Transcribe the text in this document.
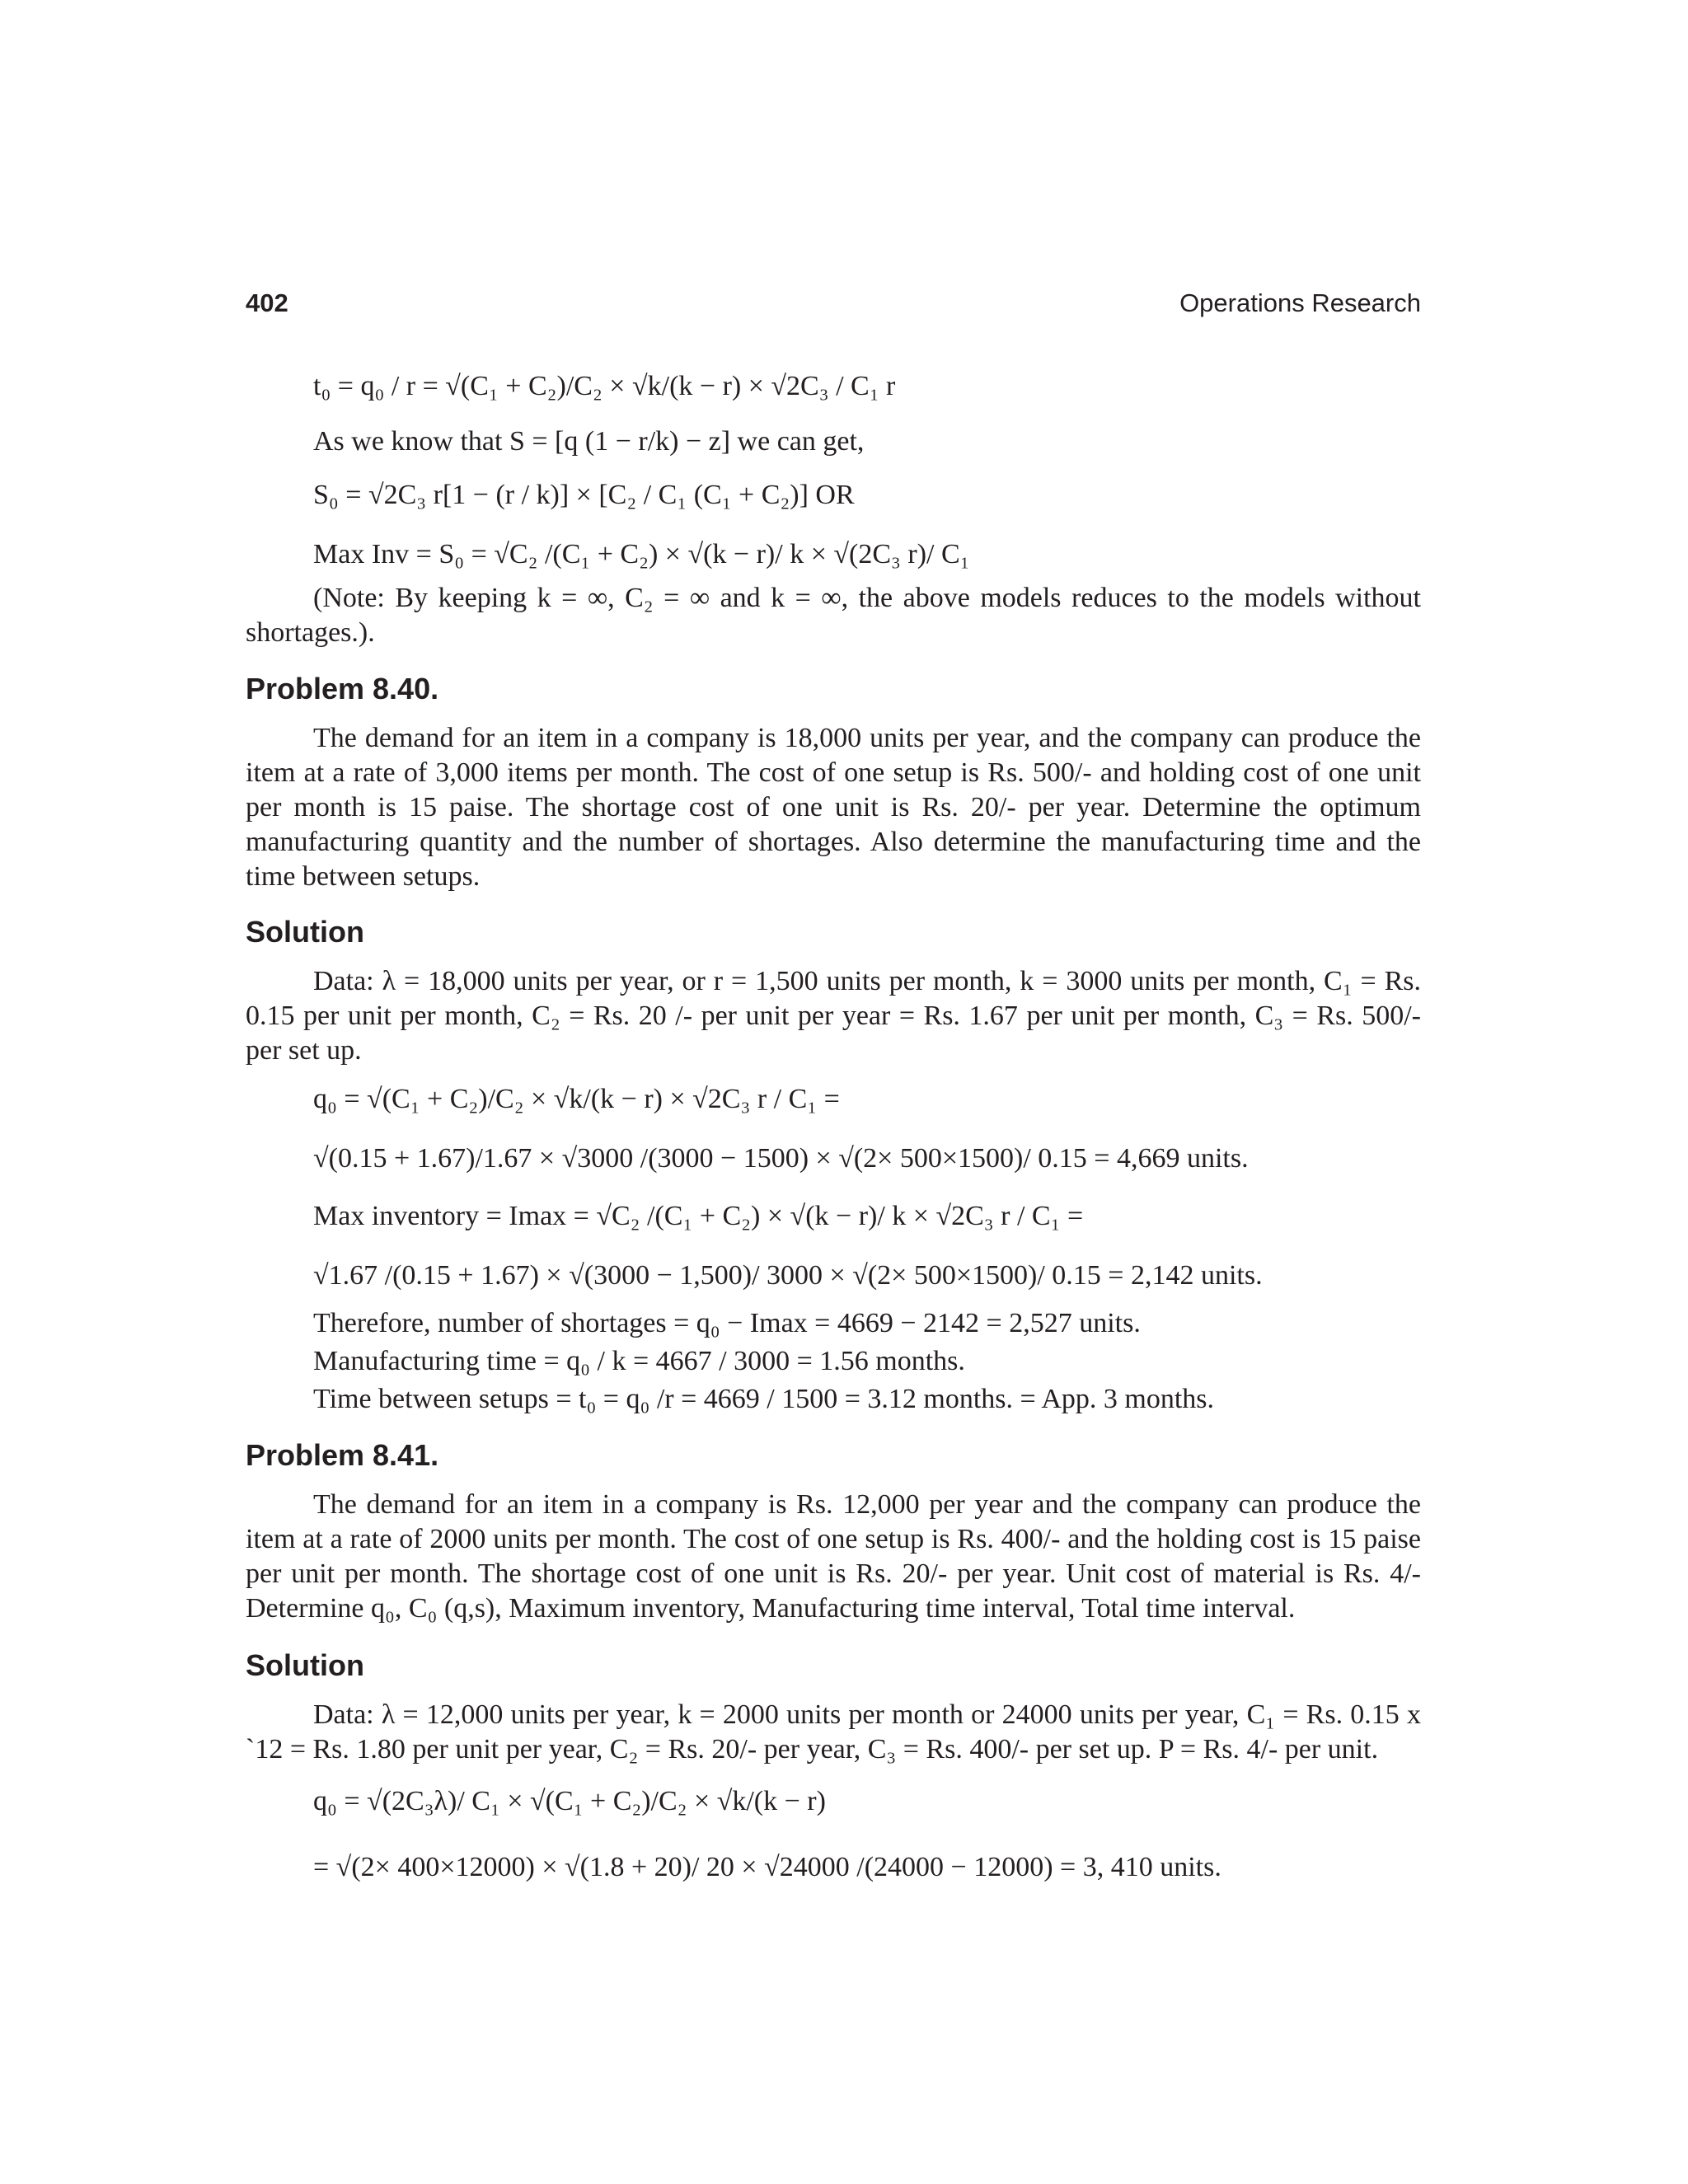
402	Operations Research
t₀ = q₀ / r = √(C₁ + C₂)/C₂ × √k/(k − r) × √2C₃ / C₁ r
As we know that S = [q (1 − r/k) − z] we can get,
S₀ = √2C₃ r[1 − (r / k)] × [C₂ / C₁ (C₁ + C₂)] OR
Max Inv = S₀ = √C₂ /(C₁ + C₂) × √(k − r)/ k × √(2C₃ r)/ C₁
(Note: By keeping k = ∞, C₂ = ∞ and k = ∞, the above models reduces to the models without shortages.).
Problem 8.40.
The demand for an item in a company is 18,000 units per year, and the company can produce the item at a rate of 3,000 items per month. The cost of one setup is Rs. 500/- and holding cost of one unit per month is 15 paise. The shortage cost of one unit is Rs. 20/- per year. Determine the optimum manufacturing quantity and the number of shortages. Also determine the manufacturing time and the time between setups.
Solution
Data: λ = 18,000 units per year, or r = 1,500 units per month, k = 3000 units per month, C₁ = Rs. 0.15 per unit per month, C₂ = Rs. 20 /- per unit per year = Rs. 1.67 per unit per month, C₃ = Rs. 500/- per set up.
q₀ = √(C₁ + C₂)/C₂ × √k/(k − r) × √2C₃ r / C₁ =
√(0.15 + 1.67)/1.67 × √3000 /(3000 − 1500) × √(2× 500×1500)/ 0.15 = 4,669 units.
Max inventory = Imax = √C₂ /(C₁ + C₂) × √(k − r)/ k × √2C₃ r / C₁ =
√1.67 /(0.15 + 1.67) × √(3000 − 1,500)/ 3000 × √(2× 500×1500)/ 0.15 = 2,142 units.
Therefore, number of shortages = q₀ − Imax = 4669 − 2142 = 2,527 units.
Manufacturing time = q₀ / k = 4667 / 3000 = 1.56 months.
Time between setups = t₀ = q₀ /r = 4669 / 1500 = 3.12 months. = App. 3 months.
Problem 8.41.
The demand for an item in a company is Rs. 12,000 per year and the company can produce the item at a rate of 2000 units per month. The cost of one setup is Rs. 400/- and the holding cost is 15 paise per unit per month. The shortage cost of one unit is Rs. 20/- per year. Unit cost of material is Rs. 4/- Determine q₀, C₀ (q,s), Maximum inventory, Manufacturing time interval, Total time interval.
Solution
Data: λ = 12,000 units per year, k = 2000 units per month or 24000 units per year, C₁ = Rs. 0.15 x `12 = Rs. 1.80 per unit per year, C₂ = Rs. 20/- per year, C₃ = Rs. 400/- per set up. P = Rs. 4/- per unit.
q₀ = √(2C₃λ)/ C₁ × √(C₁ + C₂)/C₂ × √k/(k − r)
= √(2× 400×12000) × √(1.8 + 20)/ 20 × √24000 /(24000 − 12000) = 3, 410 units.
